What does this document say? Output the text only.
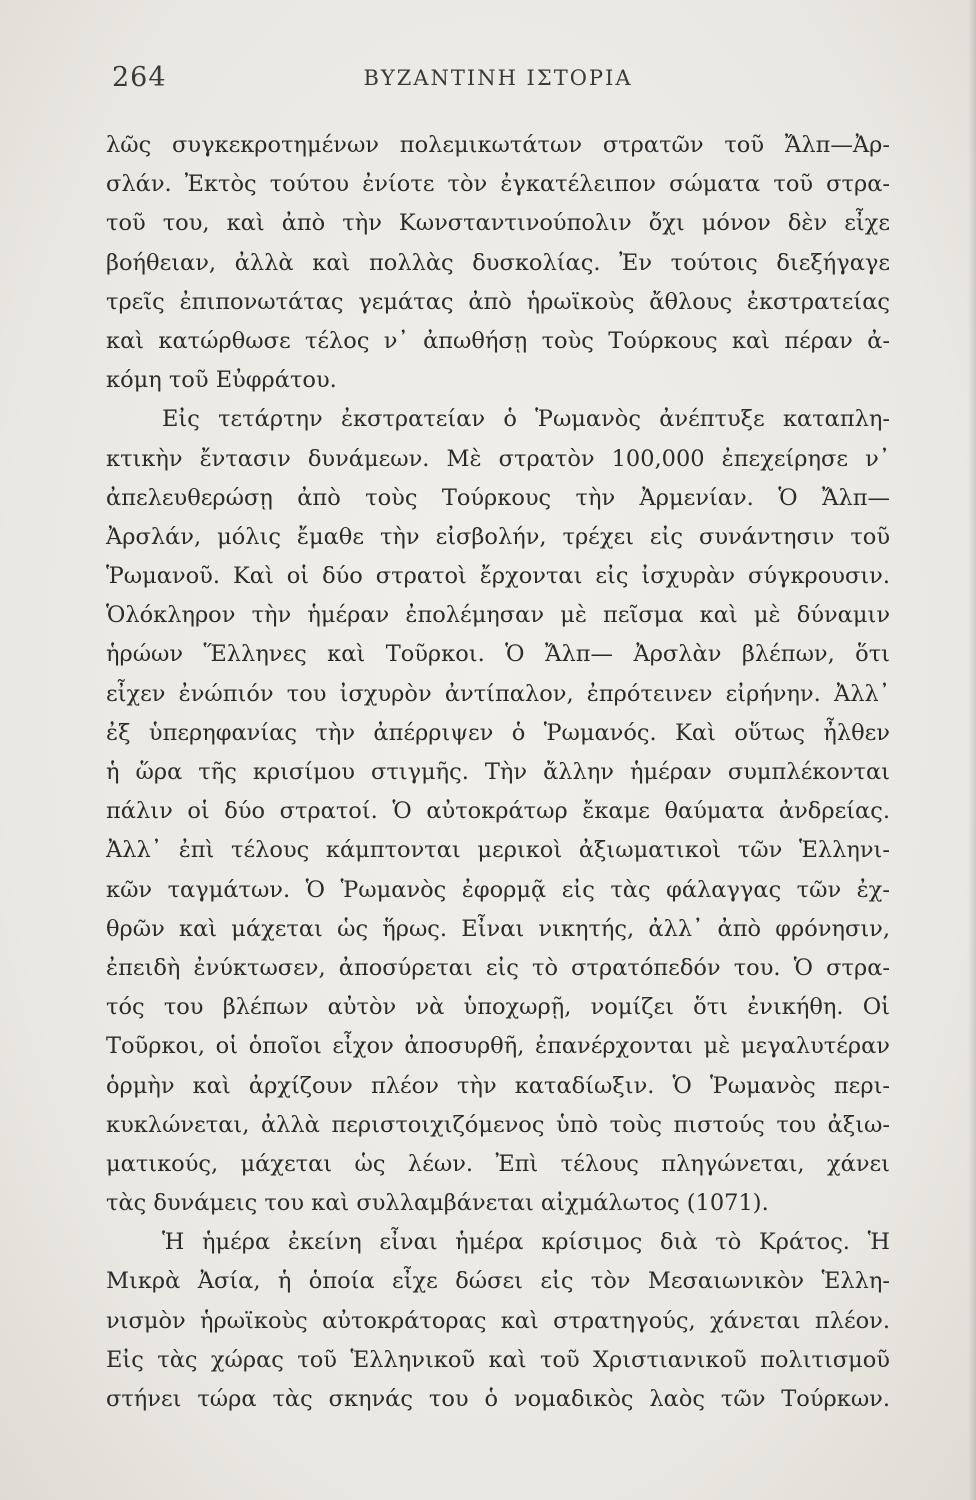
264	ΒΥΖΑΝΤΙΝΗ ΙΣΤΟΡΙΑ
λῶς συγκεκροτημένων πολεμικωτάτων στρατῶν τοῦ Ἄλπ—Ἀρ-
σλάν. Ἐκτὸς τούτου ἐνίοτε τὸν ἐγκατέλειπον σώματα τοῦ στρα-
τοῦ του, καὶ ἀπὸ τὴν Κωνσταντινούπολιν ὄχι μόνον δὲν εἶχε
βοήθειαν, ἀλλὰ καὶ πολλὰς δυσκολίας. Ἐν τούτοις διεξήγαγε
τρεῖς ἐπιπονωτάτας γεμάτας ἀπὸ ἡρωϊκοὺς ἄθλους ἐκστρατείας
καὶ κατώρθωσε τέλος ν᾽ ἀπωθήσῃ τοὺς Τούρκους καὶ πέραν ἀ-
κόμη τοῦ Εὐφράτου.
Εἰς τετάρτην ἐκστρατείαν ὁ Ῥωμανὸς ἀνέπτυξε καταπλη-
κτικὴν ἔντασιν δυνάμεων. Μὲ στρατὸν 100,000 ἐπεχείρησε ν᾽
ἀπελευθερώσῃ ἀπὸ τοὺς Τούρκους τὴν Ἀρμενίαν. Ὁ Ἄλπ—
Ἀρσλάν, μόλις ἔμαθε τὴν εἰσβολήν, τρέχει εἰς συνάντησιν τοῦ
Ῥωμανοῦ. Καὶ οἱ δύο στρατοὶ ἔρχονται εἰς ἰσχυρὰν σύγκρουσιν.
Ὁλόκληρον τὴν ἡμέραν ἐπολέμησαν μὲ πεῖσμα καὶ μὲ δύναμιν
ἡρώων Ἕλληνες καὶ Τοῦρκοι. Ὁ Ἄλπ— Ἀρσλὰν βλέπων, ὅτι
εἶχεν ἐνώπιόν του ἰσχυρὸν ἀντίπαλον, ἐπρότεινεν εἰρήνην. Ἀλλ᾽
ἐξ ὑπερηφανίας τὴν ἀπέρριψεν ὁ Ῥωμανός. Καὶ οὕτως ἦλθεν
ἡ ὥρα τῆς κρισίμου στιγμῆς. Τὴν ἄλλην ἡμέραν συμπλέκονται
πάλιν οἱ δύο στρατοί. Ὁ αὐτοκράτωρ ἔκαμε θαύματα ἀνδρείας.
Ἀλλ᾽ ἐπὶ τέλους κάμπτονται μερικοὶ ἀξιωματικοὶ τῶν Ἑλληνι-
κῶν ταγμάτων. Ὁ Ῥωμανὸς ἐφορμᾷ εἰς τὰς φάλαγγας τῶν ἐχ-
θρῶν καὶ μάχεται ὡς ἥρως. Εἶναι νικητής, ἀλλ᾽ ἀπὸ φρόνησιν,
ἐπειδὴ ἐνύκτωσεν, ἀποσύρεται εἰς τὸ στρατόπεδόν του. Ὁ στρα-
τός του βλέπων αὐτὸν νὰ ὑποχωρῇ, νομίζει ὅτι ἐνικήθη. Οἱ
Τοῦρκοι, οἱ ὁποῖοι εἶχον ἀποσυρθῆ, ἐπανέρχονται μὲ μεγαλυτέραν
ὁρμὴν καὶ ἀρχίζουν πλέον τὴν καταδίωξιν. Ὁ Ῥωμανὸς περι-
κυκλώνεται, ἀλλὰ περιστοιχιζόμενος ὑπὸ τοὺς πιστούς του ἀξιω-
ματικούς, μάχεται ὡς λέων. Ἐπὶ τέλους πληγώνεται, χάνει
τὰς δυνάμεις του καὶ συλλαμβάνεται αἰχμάλωτος (1071).
Ἡ ἡμέρα ἐκείνη εἶναι ἡμέρα κρίσιμος διὰ τὸ Κράτος. Ἡ
Μικρὰ Ἀσία, ἡ ὁποία εἶχε δώσει εἰς τὸν Μεσαιωνικὸν Ἑλλη-
νισμὸν ἡρωϊκοὺς αὐτοκράτορας καὶ στρατηγούς, χάνεται πλέον.
Εἰς τὰς χώρας τοῦ Ἑλληνικοῦ καὶ τοῦ Χριστιανικοῦ πολιτισμοῦ
στήνει τώρα τὰς σκηνάς του ὁ νομαδικὸς λαὸς τῶν Τούρκων.
